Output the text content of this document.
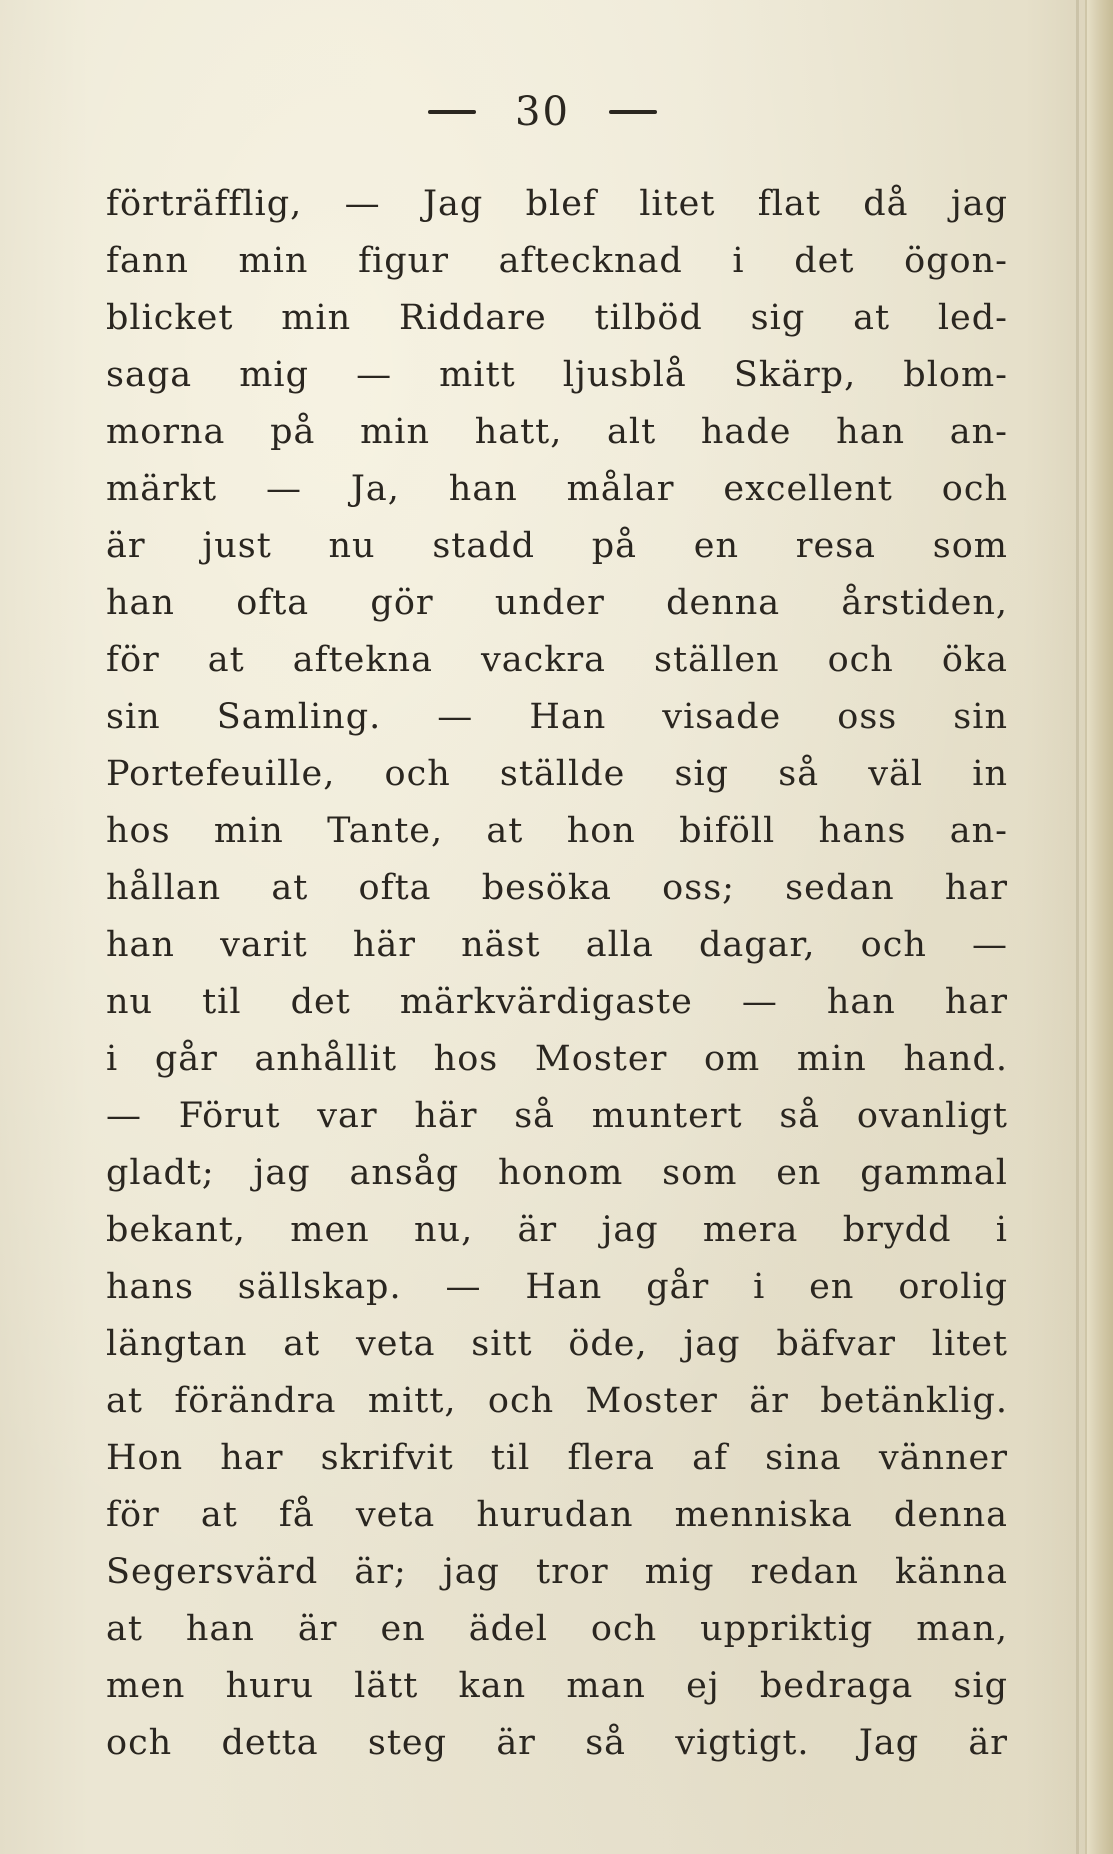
30
förträfflig, — Jag blef litet flat då jag
fann min figur aftecknad i det ögon-
blicket min Riddare tilböd sig at led-
saga mig — mitt ljusblå Skärp, blom-
morna på min hatt, alt hade han an-
märkt — Ja, han målar excellent och
är just nu stadd på en resa som
han ofta gör under denna årstiden,
för at aftekna vackra ställen och öka
sin Samling. — Han visade oss sin
Portefeuille, och ställde sig så väl in
hos min Tante, at hon biföll hans an-
hållan at ofta besöka oss; sedan har
han varit här näst alla dagar, och —
nu til det märkvärdigaste — han har
i går anhållit hos Moster om min hand.
— Förut var här så muntert så ovanligt
gladt; jag ansåg honom som en gammal
bekant, men nu, är jag mera brydd i
hans sällskap. — Han går i en orolig
längtan at veta sitt öde, jag bäfvar litet
at förändra mitt, och Moster är betänklig.
Hon har skrifvit til flera af sina vänner
för at få veta hurudan menniska denna
Segersvärd är; jag tror mig redan känna
at han är en ädel och uppriktig man,
men huru lätt kan man ej bedraga sig
och detta steg är så vigtigt. Jag är
